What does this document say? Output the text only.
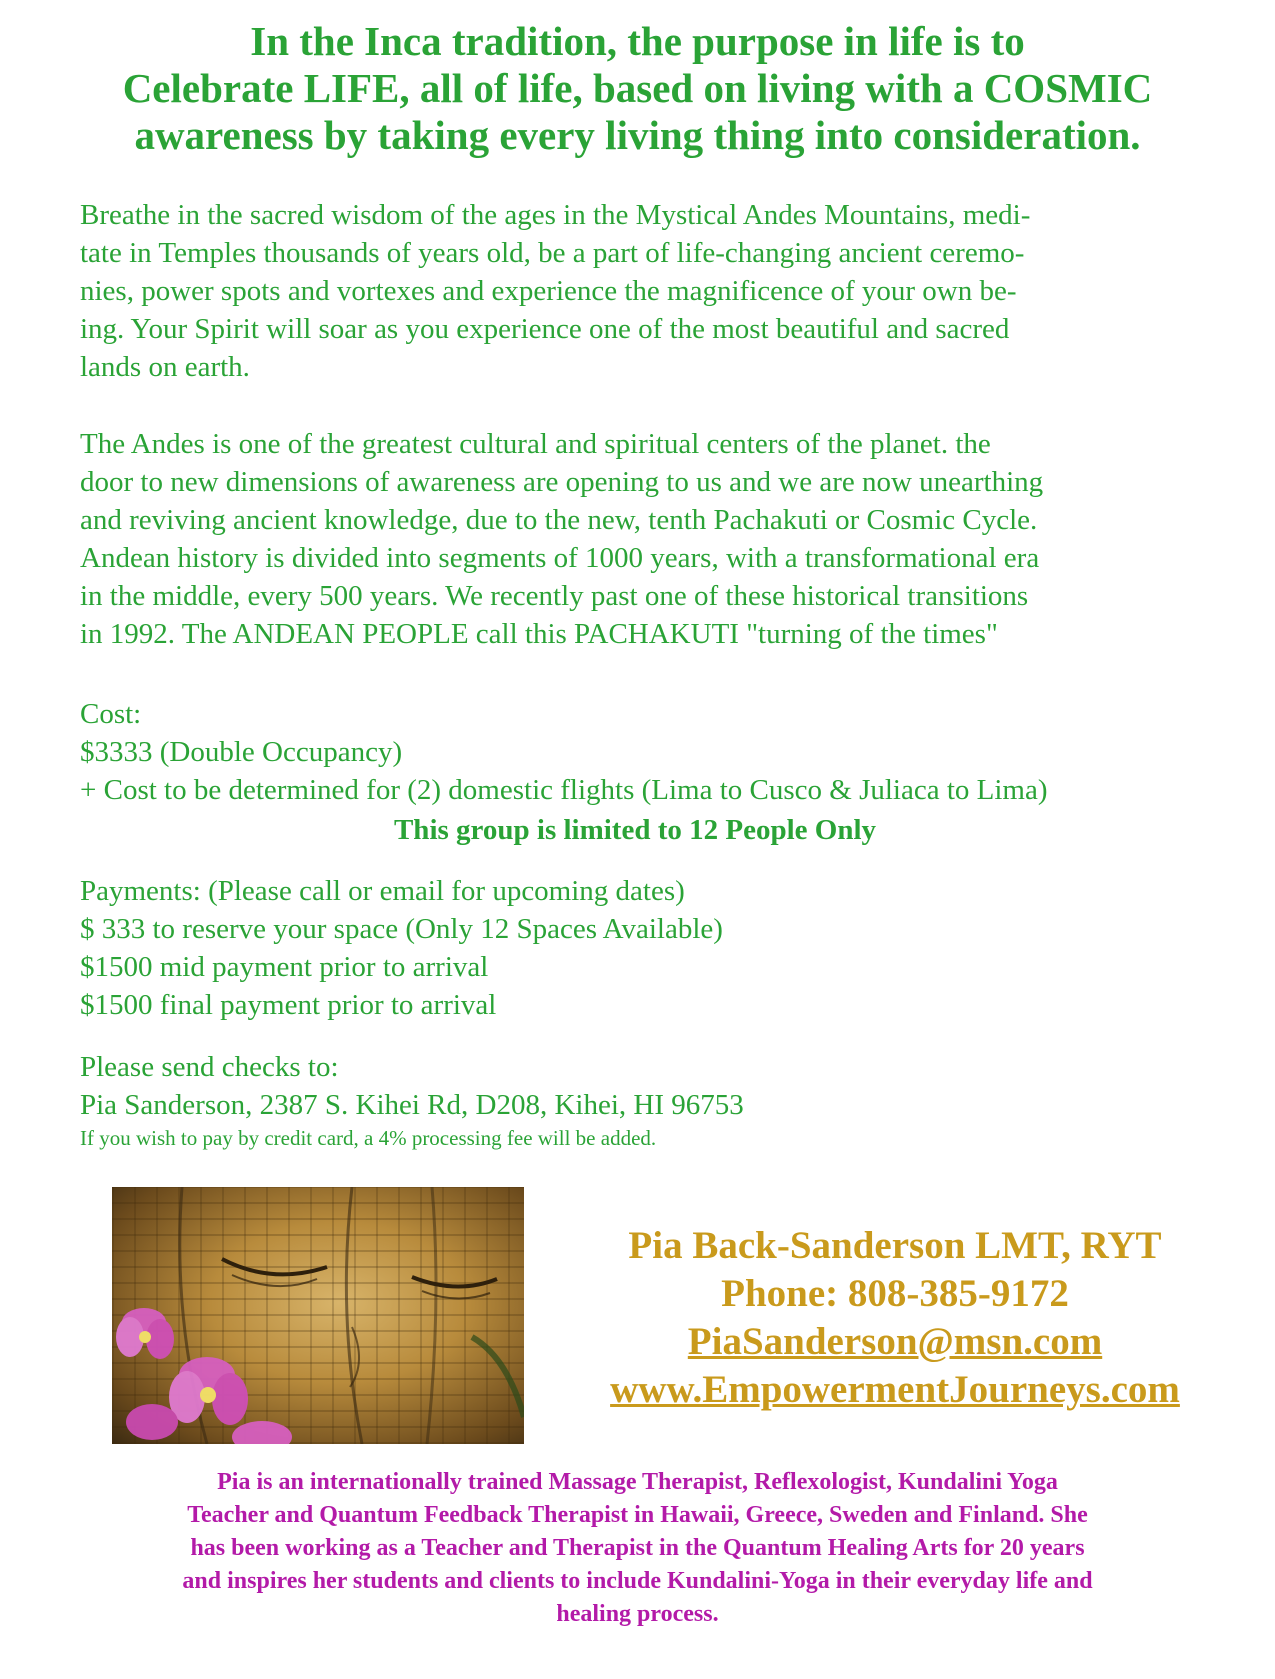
In the Inca tradition, the purpose in life is to
Celebrate LIFE, all of life, based on living with a COSMIC
awareness by taking every living thing into consideration.
Breathe in the sacred wisdom of the ages in the Mystical Andes Mountains, medi-
tate in Temples thousands of years old, be a part of life-changing ancient ceremo-
nies, power spots and vortexes and experience the magnificence of your own be-
ing. Your Spirit will soar as you experience one of the most beautiful and sacred
lands on earth.
The Andes is one of the greatest cultural and spiritual centers of the planet. the
door to new dimensions of awareness are opening to us and we are now unearthing
and reviving ancient knowledge, due to the new, tenth Pachakuti or Cosmic Cycle.
Andean history is divided into segments of 1000 years, with a transformational era
in the middle, every 500 years. We recently past one of these historical transitions
in 1992. The ANDEAN PEOPLE call this PACHAKUTI "turning of the times"
Cost:
$3333 (Double Occupancy)
+ Cost to be determined for (2) domestic flights (Lima to Cusco & Juliaca to Lima)
This group is limited to 12 People Only
Payments: (Please call or email for upcoming dates)
$ 333 to reserve your space (Only 12 Spaces Available)
$1500 mid payment prior to arrival
$1500 final payment prior to arrival
Please send checks to:
Pia Sanderson, 2387 S. Kihei Rd, D208, Kihei, HI 96753
If you wish to pay by credit card, a 4% processing fee will be added.
Pia Back-Sanderson LMT, RYT
Phone: 808-385-9172
PiaSanderson@msn.com
www.EmpowermentJourneys.com
Pia is an internationally trained Massage Therapist, Reflexologist, Kundalini Yoga
Teacher and Quantum Feedback Therapist in Hawaii, Greece, Sweden and Finland. She
has been working as a Teacher and Therapist in the Quantum Healing Arts for 20 years
and inspires her students and clients to include Kundalini-Yoga in their everyday life and
healing process.
